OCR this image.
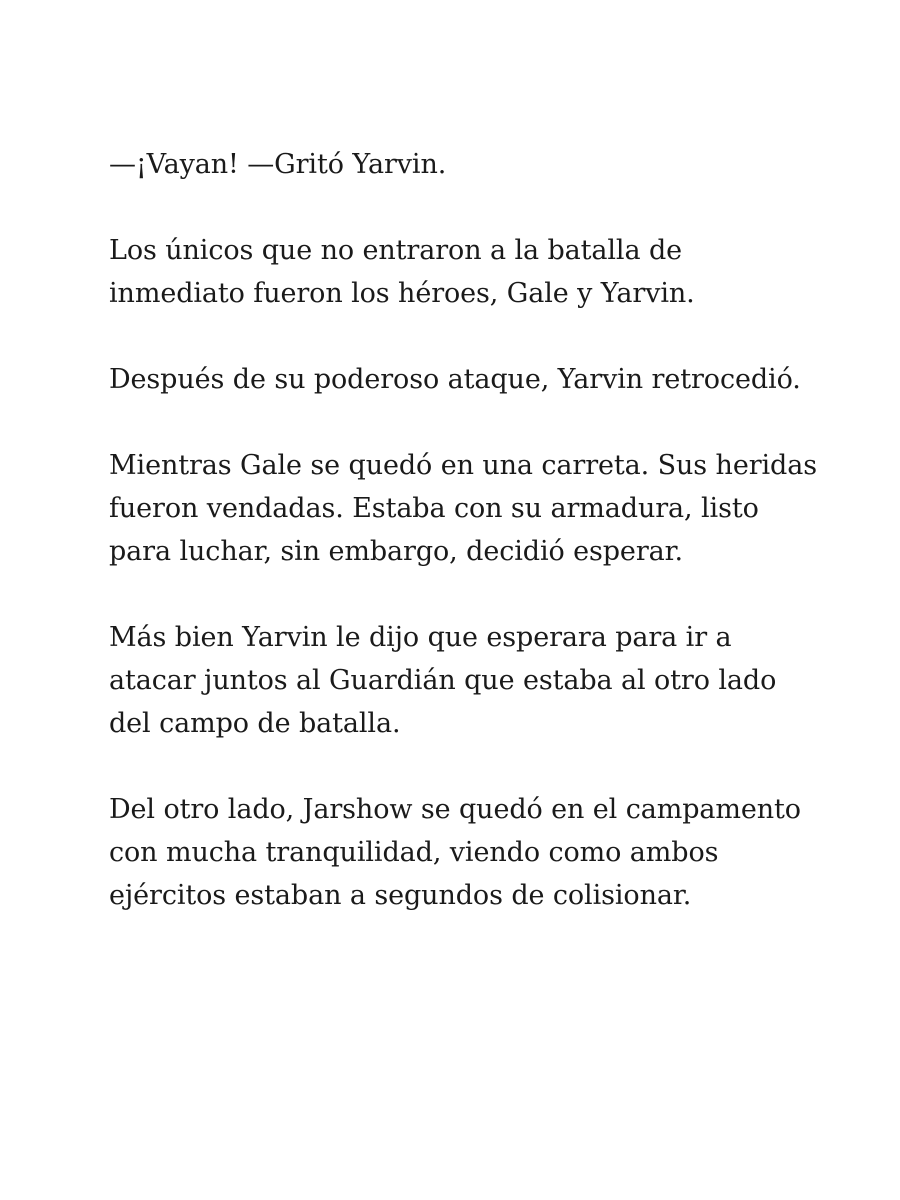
—¡Vayan! —Gritó Yarvin.

Los únicos que no entraron a la batalla de inmediato fueron los héroes, Gale y Yarvin.

Después de su poderoso ataque, Yarvin retrocedió.

Mientras Gale se quedó en una carreta. Sus heridas fueron vendadas. Estaba con su armadura, listo para luchar, sin embargo, decidió esperar.

Más bien Yarvin le dijo que esperara para ir a atacar juntos al Guardián que estaba al otro lado del campo de batalla.

Del otro lado, Jarshow se quedó en el campamento con mucha tranquilidad, viendo como ambos ejércitos estaban a segundos de colisionar.
